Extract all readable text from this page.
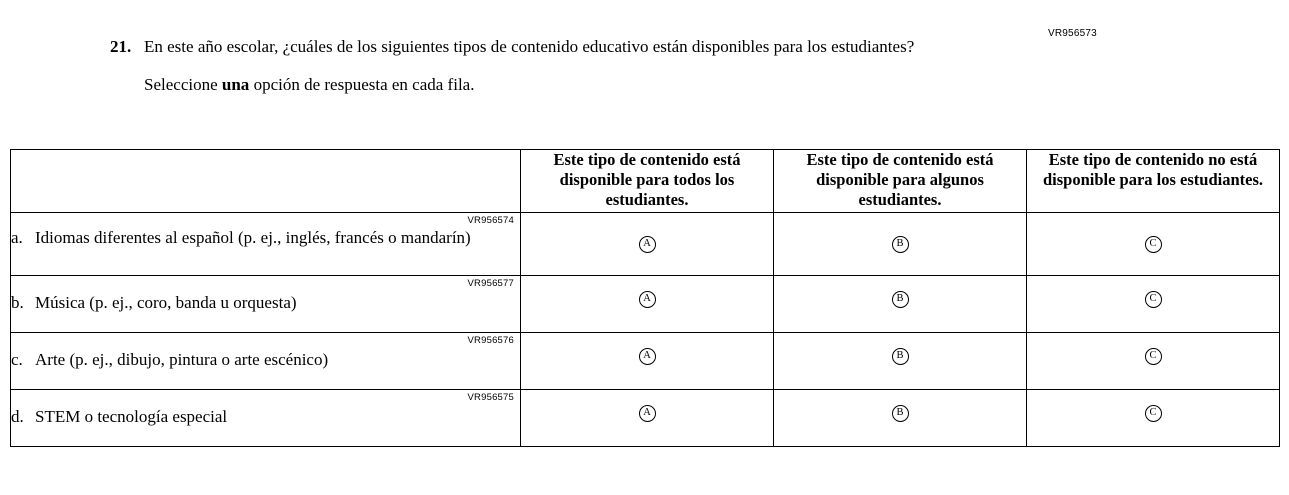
VR956573
21. En este año escolar, ¿cuáles de los siguientes tipos de contenido educativo están disponibles para los estudiantes?
Seleccione una opción de respuesta en cada fila.
	Este tipo de contenido está disponible para todos los estudiantes.	Este tipo de contenido está disponible para algunos estudiantes.	Este tipo de contenido no está disponible para los estudiantes.

VR956574
a. Idiomas diferentes al español (p. ej., inglés, francés o mandarín)	A	B	C

VR956577
b. Música (p. ej., coro, banda u orquesta)	A	B	C

VR956576
c. Arte (p. ej., dibujo, pintura o arte escénico)	A	B	C

VR956575
d. STEM o tecnología especial	A	B	C
